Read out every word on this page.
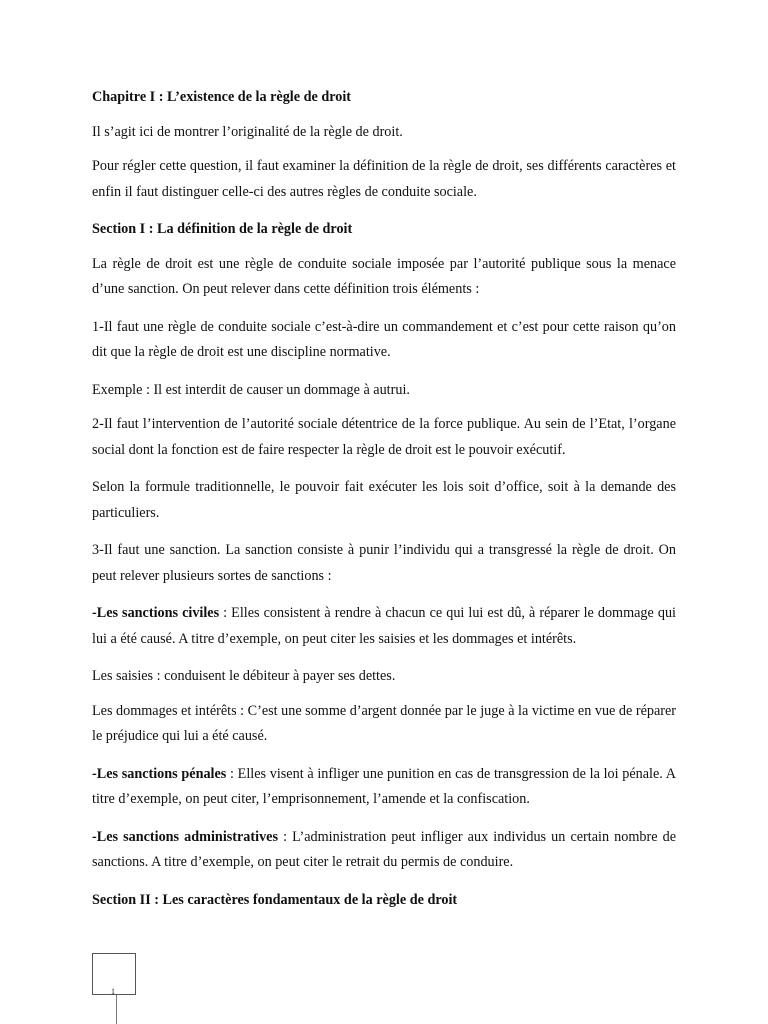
Chapitre I : L’existence de la règle de droit

Il s’agit ici de montrer l’originalité de la règle de droit.

Pour régler cette question, il faut examiner la définition de la règle de droit, ses différents caractères et enfin il faut distinguer celle-ci des autres règles de conduite sociale.

Section I : La définition de la règle de droit

La règle de droit est une règle de conduite sociale imposée par l’autorité publique sous la menace d’une sanction. On peut relever dans cette définition trois éléments :

1-Il faut une règle de conduite sociale c’est-à-dire un commandement et c’est pour cette raison qu’on dit que la règle de droit est une discipline normative.

Exemple : Il est interdit de causer un dommage à autrui.

2-Il faut l’intervention de l’autorité sociale détentrice de la force publique. Au sein de l’Etat, l’organe social dont la fonction est de faire respecter la règle de droit est le pouvoir exécutif.

Selon la formule traditionnelle, le pouvoir fait exécuter les lois soit d’office, soit à la demande des particuliers.

3-Il faut une sanction. La sanction consiste à punir l’individu qui a transgressé la règle de droit. On peut relever plusieurs sortes de sanctions :

-Les sanctions civiles : Elles consistent à rendre à chacun ce qui lui est dû, à réparer le dommage qui lui a été causé. A titre d’exemple, on peut citer les saisies et les dommages et intérêts.

Les saisies : conduisent le débiteur à payer ses dettes.

Les dommages et intérêts : C’est une somme d’argent donnée par le juge à la victime en vue de réparer le préjudice qui lui a été causé.

-Les sanctions pénales : Elles visent à infliger une punition en cas de transgression de la loi pénale. A titre d’exemple, on peut citer, l’emprisonnement, l’amende et la confiscation.

-Les sanctions administratives : L’administration peut infliger aux individus un certain nombre de sanctions. A titre d’exemple, on peut citer le retrait du permis de conduire.

Section II : Les caractères fondamentaux de la règle de droit

1
